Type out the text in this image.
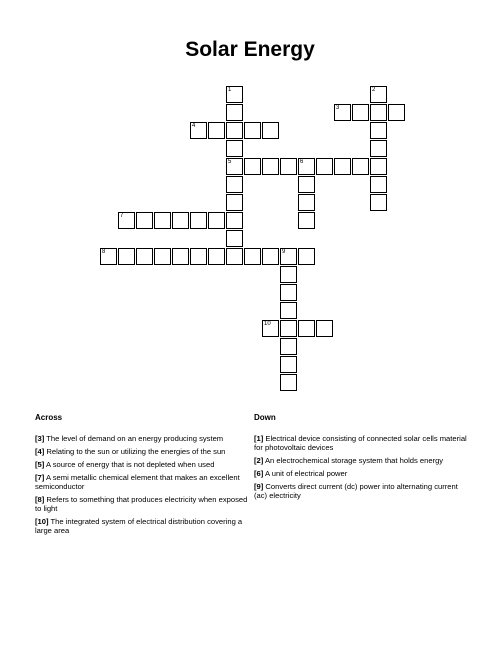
Solar Energy
1
5
2
3
4
6
7
8	9
10
Across
[3] The level of demand on an energy producing system
[4] Relating to the sun or utilizing the energies of the sun
[5] A source of energy that is not depleted when used
[7] A semi metallic chemical element that makes an excellent semiconductor
[8] Refers to something that produces electricity when exposed to light
[10] The integrated system of electrical distribution covering a large area
Down
[1] Electrical device consisting of connected solar cells material for photovoltaic devices
[2] An electrochemical storage system that holds energy
[6] A unit of electrical power
[9] Converts direct current (dc) power into alternating current (ac) electricity
